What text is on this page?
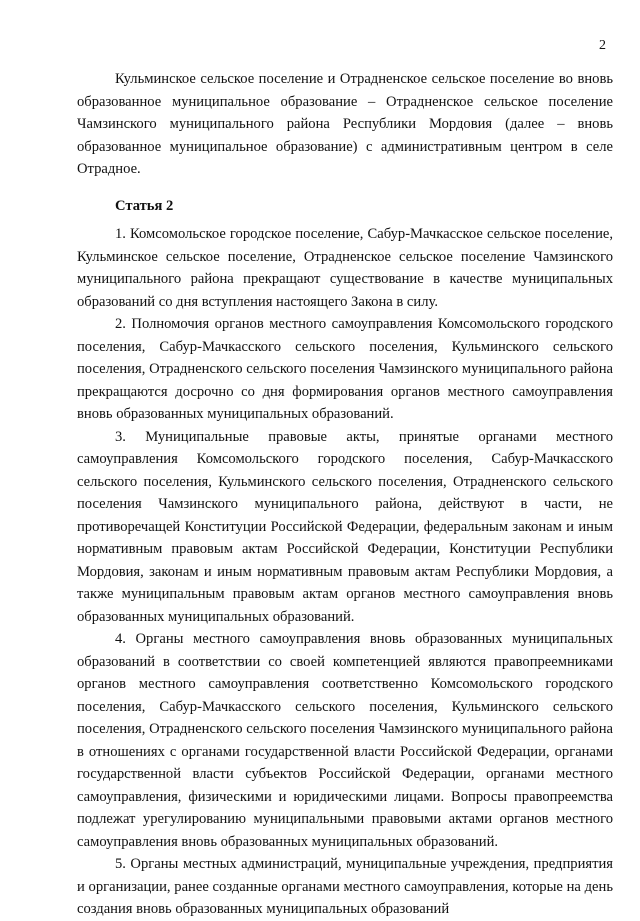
2

Кульминское сельское поселение и Отрадненское сельское поселение во вновь образованное муниципальное образование – Отрадненское сельское поселение Чамзинского муниципального района Республики Мордовия (далее – вновь образованное муниципальное образование) с административным центром в селе Отрадное.

Статья 2

1. Комсомольское городское поселение, Сабур-Мачкасское сельское поселение, Кульминское сельское поселение, Отрадненское сельское поселение Чамзинского муниципального района прекращают существование в качестве муниципальных образований со дня вступления настоящего Закона в силу.

2. Полномочия органов местного самоуправления Комсомольского городского поселения, Сабур-Мачкасского сельского поселения, Кульминского сельского поселения, Отрадненского сельского поселения Чамзинского муниципального района прекращаются досрочно со дня формирования органов местного самоуправления вновь образованных муниципальных образований.

3. Муниципальные правовые акты, принятые органами местного самоуправления Комсомольского городского поселения, Сабур-Мачкасского сельского поселения, Кульминского сельского поселения, Отрадненского сельского поселения Чамзинского муниципального района, действуют в части, не противоречащей Конституции Российской Федерации, федеральным законам и иным нормативным правовым актам Российской Федерации, Конституции Республики Мордовия, законам и иным нормативным правовым актам Республики Мордовия, а также муниципальным правовым актам органов местного самоуправления вновь образованных муниципальных образований.

4. Органы местного самоуправления вновь образованных муниципальных образований в соответствии со своей компетенцией являются правопреемниками органов местного самоуправления соответственно Комсомольского городского поселения, Сабур-Мачкасского сельского поселения, Кульминского сельского поселения, Отрадненского сельского поселения Чамзинского муниципального района в отношениях с органами государственной власти Российской Федерации, органами государственной власти субъектов Российской Федерации, органами местного самоуправления, физическими и юридическими лицами. Вопросы правопреемства подлежат урегулированию муниципальными правовыми актами органов местного самоуправления вновь образованных муниципальных образований.

5. Органы местных администраций, муниципальные учреждения, предприятия и организации, ранее созданные органами местного самоуправления, которые на день создания вновь образованных муниципальных образований
